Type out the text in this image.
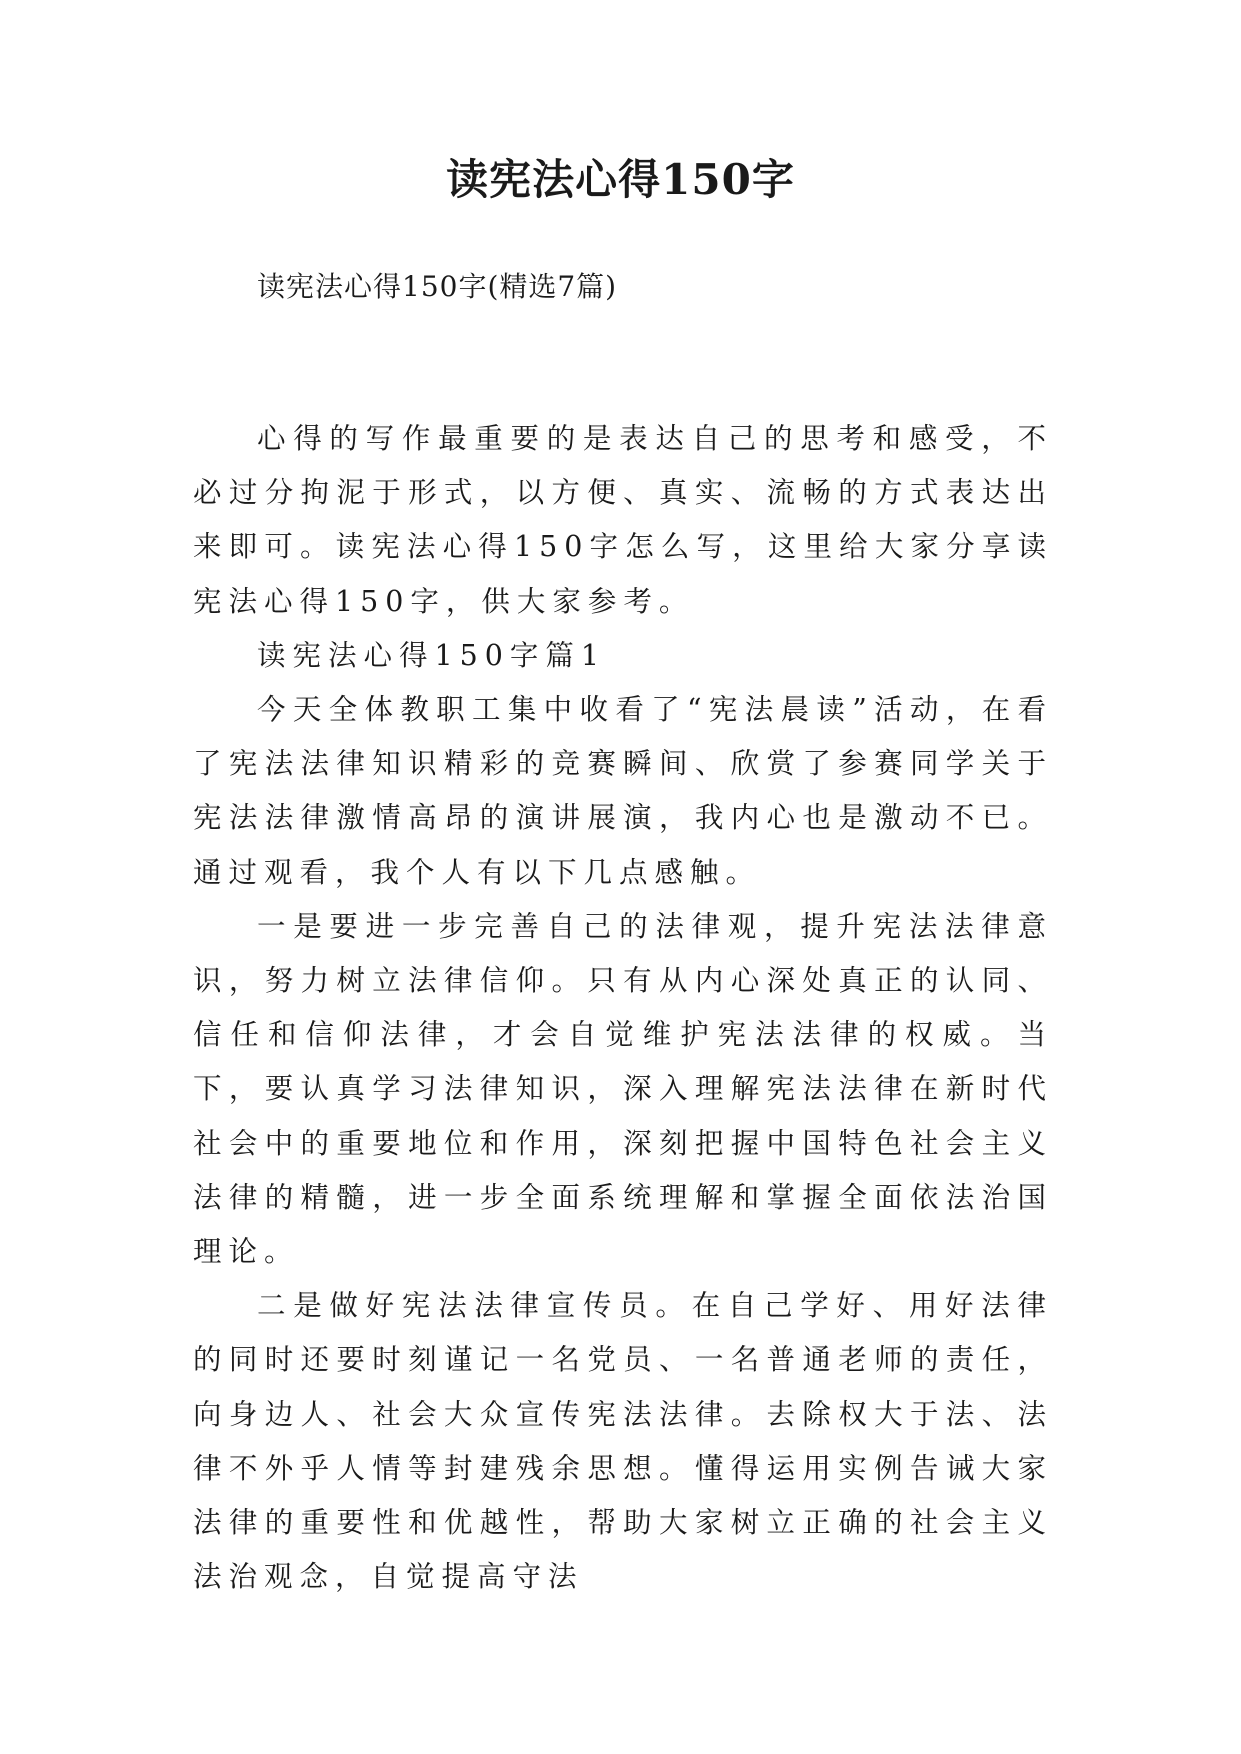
读宪法心得150字

读宪法心得150字(精选7篇)

心得的写作最重要的是表达自己的思考和感受，不必过分拘泥于形式，以方便、真实、流畅的方式表达出来即可。读宪法心得150字怎么写，这里给大家分享读宪法心得150字，供大家参考。

读宪法心得150字篇1

今天全体教职工集中收看了“宪法晨读”活动，在看了宪法法律知识精彩的竞赛瞬间、欣赏了参赛同学关于宪法法律激情高昂的演讲展演，我内心也是激动不已。通过观看，我个人有以下几点感触。

一是要进一步完善自己的法律观，提升宪法法律意识，努力树立法律信仰。只有从内心深处真正的认同、信任和信仰法律，才会自觉维护宪法法律的权威。当下，要认真学习法律知识，深入理解宪法法律在新时代社会中的重要地位和作用，深刻把握中国特色社会主义法律的精髓，进一步全面系统理解和掌握全面依法治国理论。

二是做好宪法法律宣传员。在自己学好、用好法律的同时还要时刻谨记一名党员、一名普通老师的责任，向身边人、社会大众宣传宪法法律。去除权大于法、法律不外乎人情等封建残余思想。懂得运用实例告诫大家法律的重要性和优越性，帮助大家树立正确的社会主义法治观念，自觉提高守法
